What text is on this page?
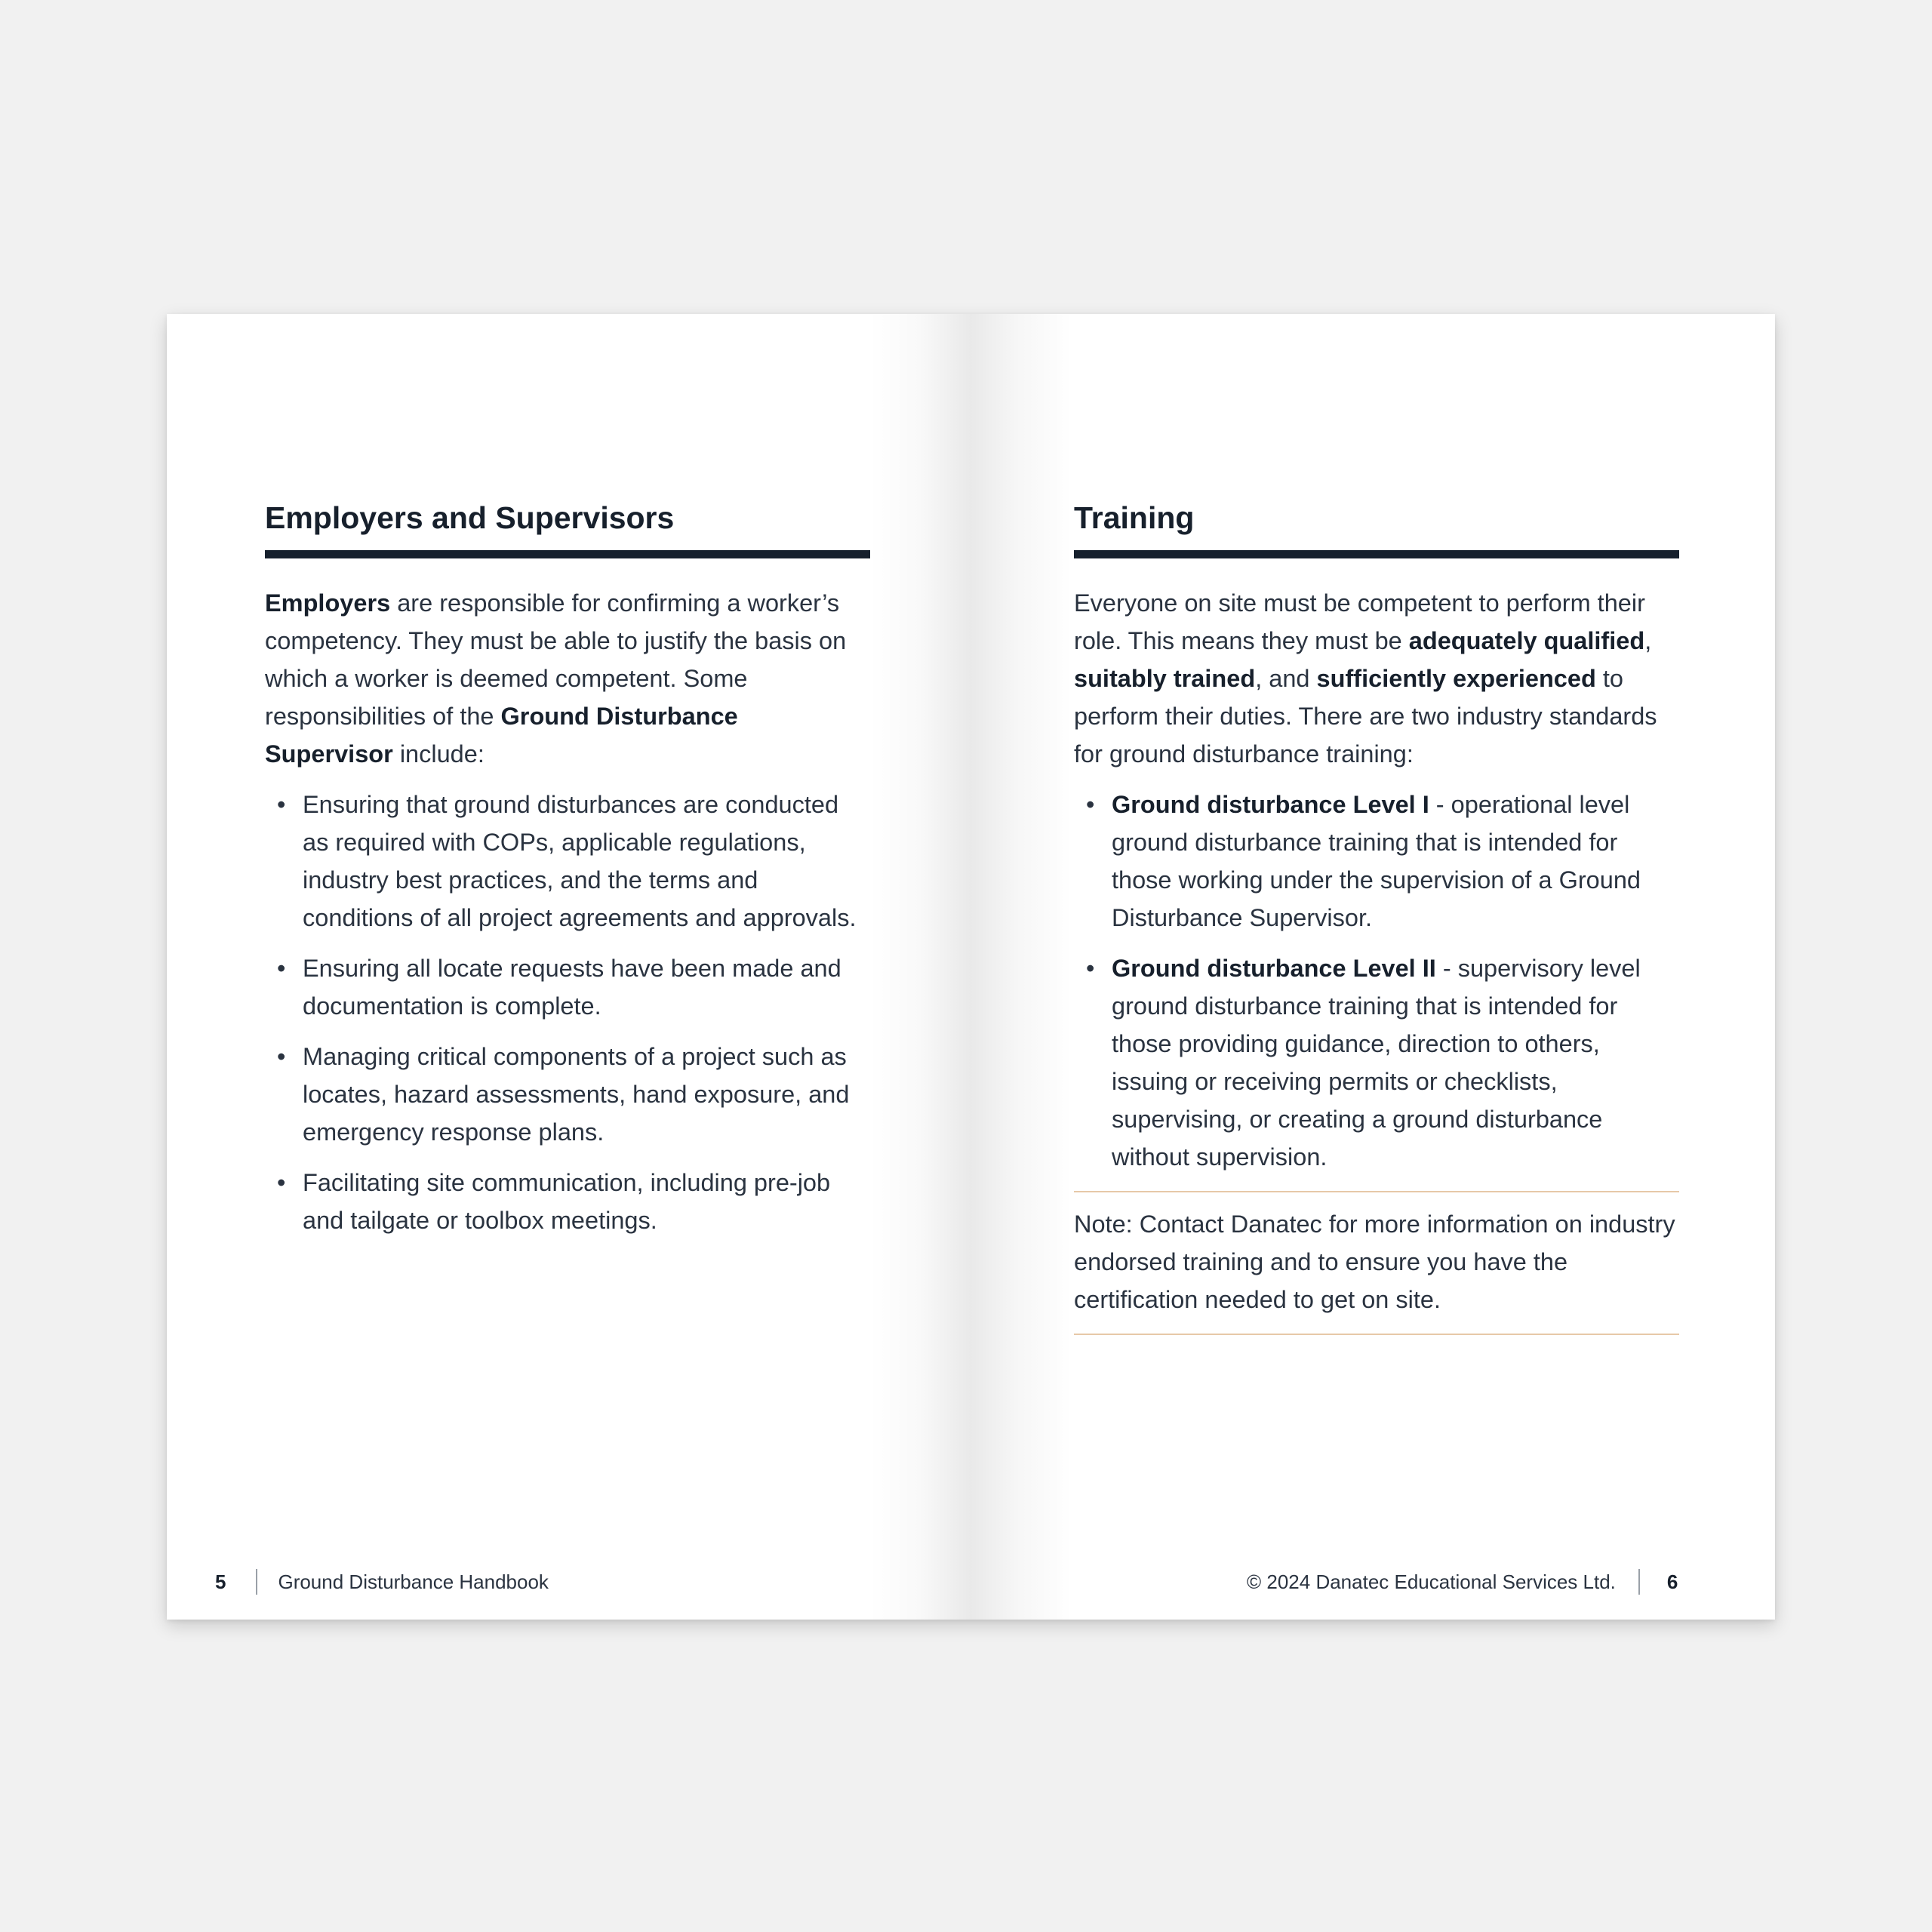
Employers and Supervisors

Employers are responsible for confirming a worker’s competency. They must be able to justify the basis on which a worker is deemed competent. Some responsibilities of the Ground Disturbance Supervisor include:

• Ensuring that ground disturbances are conducted as required with COPs, applicable regulations, industry best practices, and the terms and conditions of all project agreements and approvals.
• Ensuring all locate requests have been made and documentation is complete.
• Managing critical components of a project such as locates, hazard assessments, hand exposure, and emergency response plans.
• Facilitating site communication, including pre-job and tailgate or toolbox meetings.
Training

Everyone on site must be competent to perform their role. This means they must be adequately qualified, suitably trained, and sufficiently experienced to perform their duties. There are two industry standards for ground disturbance training:

• Ground disturbance Level I - operational level ground disturbance training that is intended for those working under the supervision of a Ground Disturbance Supervisor.
• Ground disturbance Level II - supervisory level ground disturbance training that is intended for those providing guidance, direction to others, issuing or receiving permits or checklists, supervising, or creating a ground disturbance without supervision.
Note: Contact Danatec for more information on industry endorsed training and to ensure you have the certification needed to get on site.
5	Ground Disturbance Handbook	© 2024 Danatec Educational Services Ltd.	6
